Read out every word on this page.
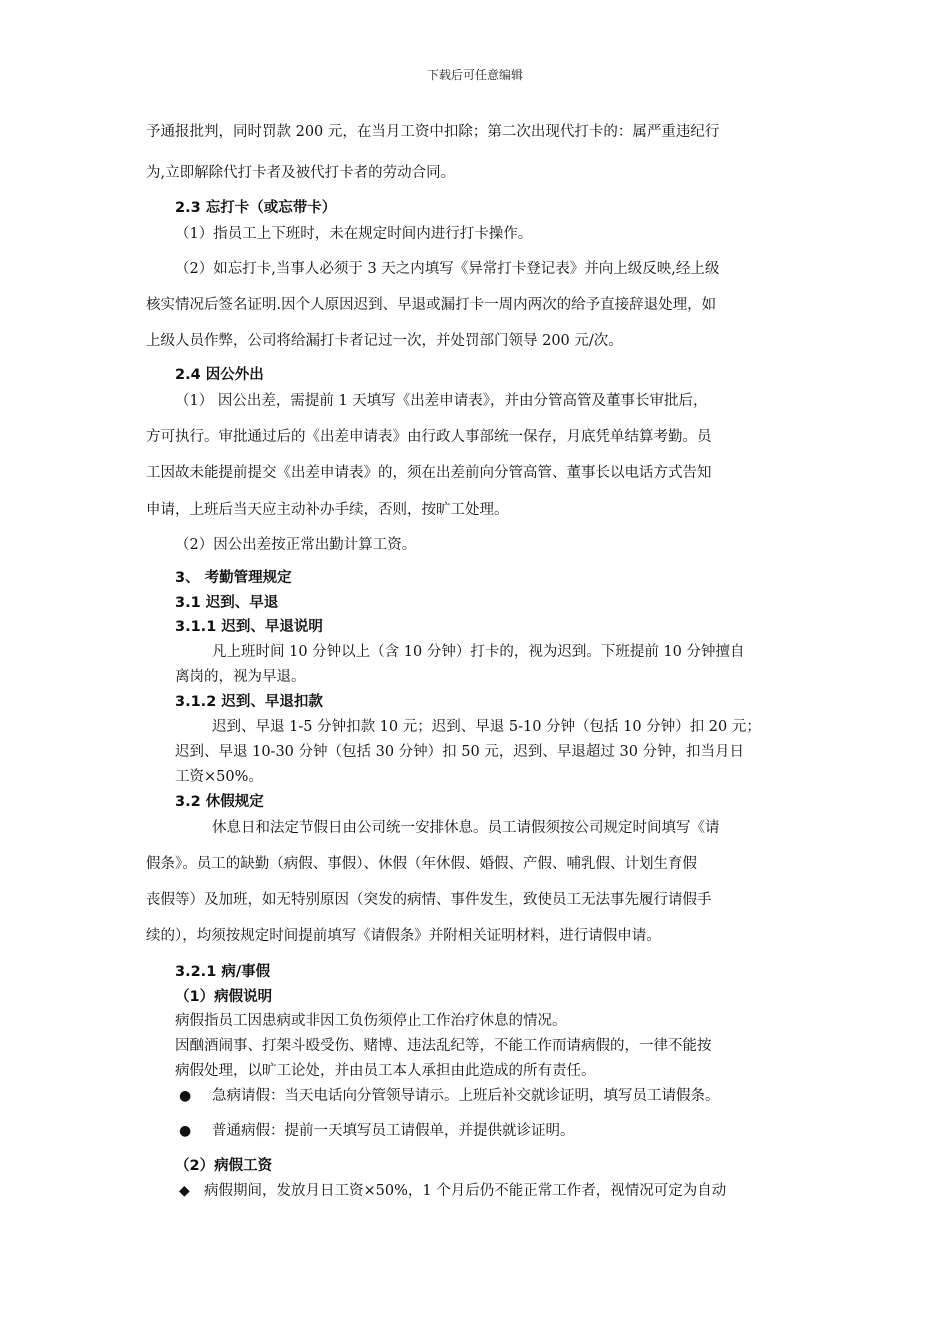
下载后可任意编辑
予通报批判，同时罚款 200 元，在当月工资中扣除；第二次出现代打卡的：属严重违纪行
为,立即解除代打卡者及被代打卡者的劳动合同。
2.3 忘打卡（或忘带卡）
（1）指员工上下班时，未在规定时间内进行打卡操作。
（2）如忘打卡,当事人必须于 3 天之内填写《异常打卡登记表》并向上级反映,经上级
核实情况后签名证明.因个人原因迟到、早退或漏打卡一周内两次的给予直接辞退处理，如
上级人员作弊，公司将给漏打卡者记过一次，并处罚部门领导 200 元/次。
2.4 因公外出
（1） 因公出差，需提前 1 天填写《出差申请表》，并由分管高管及董事长审批后，
方可执行。审批通过后的《出差申请表》由行政人事部统一保存，月底凭单结算考勤。员
工因故未能提前提交《出差申请表》的，须在出差前向分管高管、董事长以电话方式告知
申请，上班后当天应主动补办手续，否则，按旷工处理。
（2）因公出差按正常出勤计算工资。
3、 考勤管理规定
3.1 迟到、早退
3.1.1 迟到、早退说明
凡上班时间 10 分钟以上（含 10 分钟）打卡的，视为迟到。下班提前 10 分钟擅自
离岗的，视为早退。
3.1.2 迟到、早退扣款
迟到、早退 1-5 分钟扣款 10 元；迟到、早退 5-10 分钟（包括 10 分钟）扣 20 元；
迟到、早退 10-30 分钟（包括 30 分钟）扣 50 元，迟到、早退超过 30 分钟，扣当月日
工资×50%。
3.2 休假规定
休息日和法定节假日由公司统一安排休息。员工请假须按公司规定时间填写《请
假条》。员工的缺勤（病假、事假）、休假（年休假、婚假、产假、哺乳假、计划生育假
丧假等）及加班，如无特别原因（突发的病情、事件发生，致使员工无法事先履行请假手
续的），均须按规定时间提前填写《请假条》并附相关证明材料，进行请假申请。
3.2.1 病/事假
（1）病假说明
病假指员工因患病或非因工负伤须停止工作治疗休息的情况。
因酗酒闹事、打架斗殴受伤、赌博、违法乱纪等，不能工作而请病假的，一律不能按
病假处理，以旷工论处，并由员工本人承担由此造成的所有责任。
● 急病请假：当天电话向分管领导请示。上班后补交就诊证明，填写员工请假条。
● 普通病假：提前一天填写员工请假单，并提供就诊证明。
（2）病假工资
◆ 病假期间，发放月日工资×50%，1 个月后仍不能正常工作者，视情况可定为自动
